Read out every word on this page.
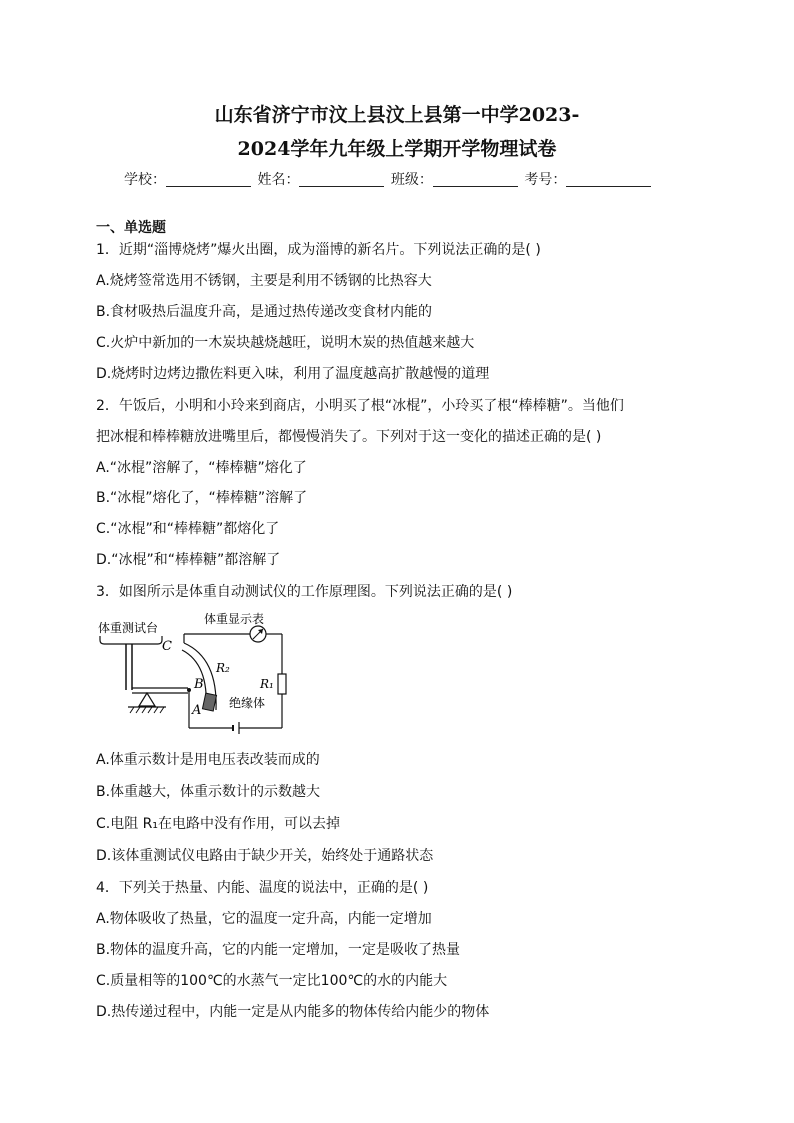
山东省济宁市汶上县汶上县第一中学2023-
2024学年九年级上学期开学物理试卷
学校：	姓名：	班级：	考号：
一、单选题
1．近期“淄博烧烤”爆火出圈，成为淄博的新名片。下列说法正确的是( )
A.烧烤签常选用不锈钢，主要是利用不锈钢的比热容大
B.食材吸热后温度升高，是通过热传递改变食材内能的
C.火炉中新加的一木炭块越烧越旺，说明木炭的热值越来越大
D.烧烤时边烤边撒佐料更入味，利用了温度越高扩散越慢的道理
2．午饭后，小明和小玲来到商店，小明买了根“冰棍”，小玲买了根“棒棒糖”。当他们
把冰棍和棒棒糖放进嘴里后，都慢慢消失了。下列对于这一变化的描述正确的是( )
A.“冰棍”溶解了，“棒棒糖”熔化了
B.“冰棍”熔化了，“棒棒糖”溶解了
C.“冰棍”和“棒棒糖”都熔化了
D.“冰棍”和“棒棒糖”都溶解了
3．如图所示是体重自动测试仪的工作原理图。下列说法正确的是( )
体重测试台
C
B
A
R₂
绝缘体
体重显示表
R₁
A.体重示数计是用电压表改装而成的
B.体重越大，体重示数计的示数越大
C.电阻 R₁在电路中没有作用，可以去掉
D.该体重测试仪电路由于缺少开关，始终处于通路状态
4．下列关于热量、内能、温度的说法中，正确的是( )
A.物体吸收了热量，它的温度一定升高，内能一定增加
B.物体的温度升高，它的内能一定增加，一定是吸收了热量
C.质量相等的100℃的水蒸气一定比100℃的水的内能大
D.热传递过程中，内能一定是从内能多的物体传给内能少的物体
